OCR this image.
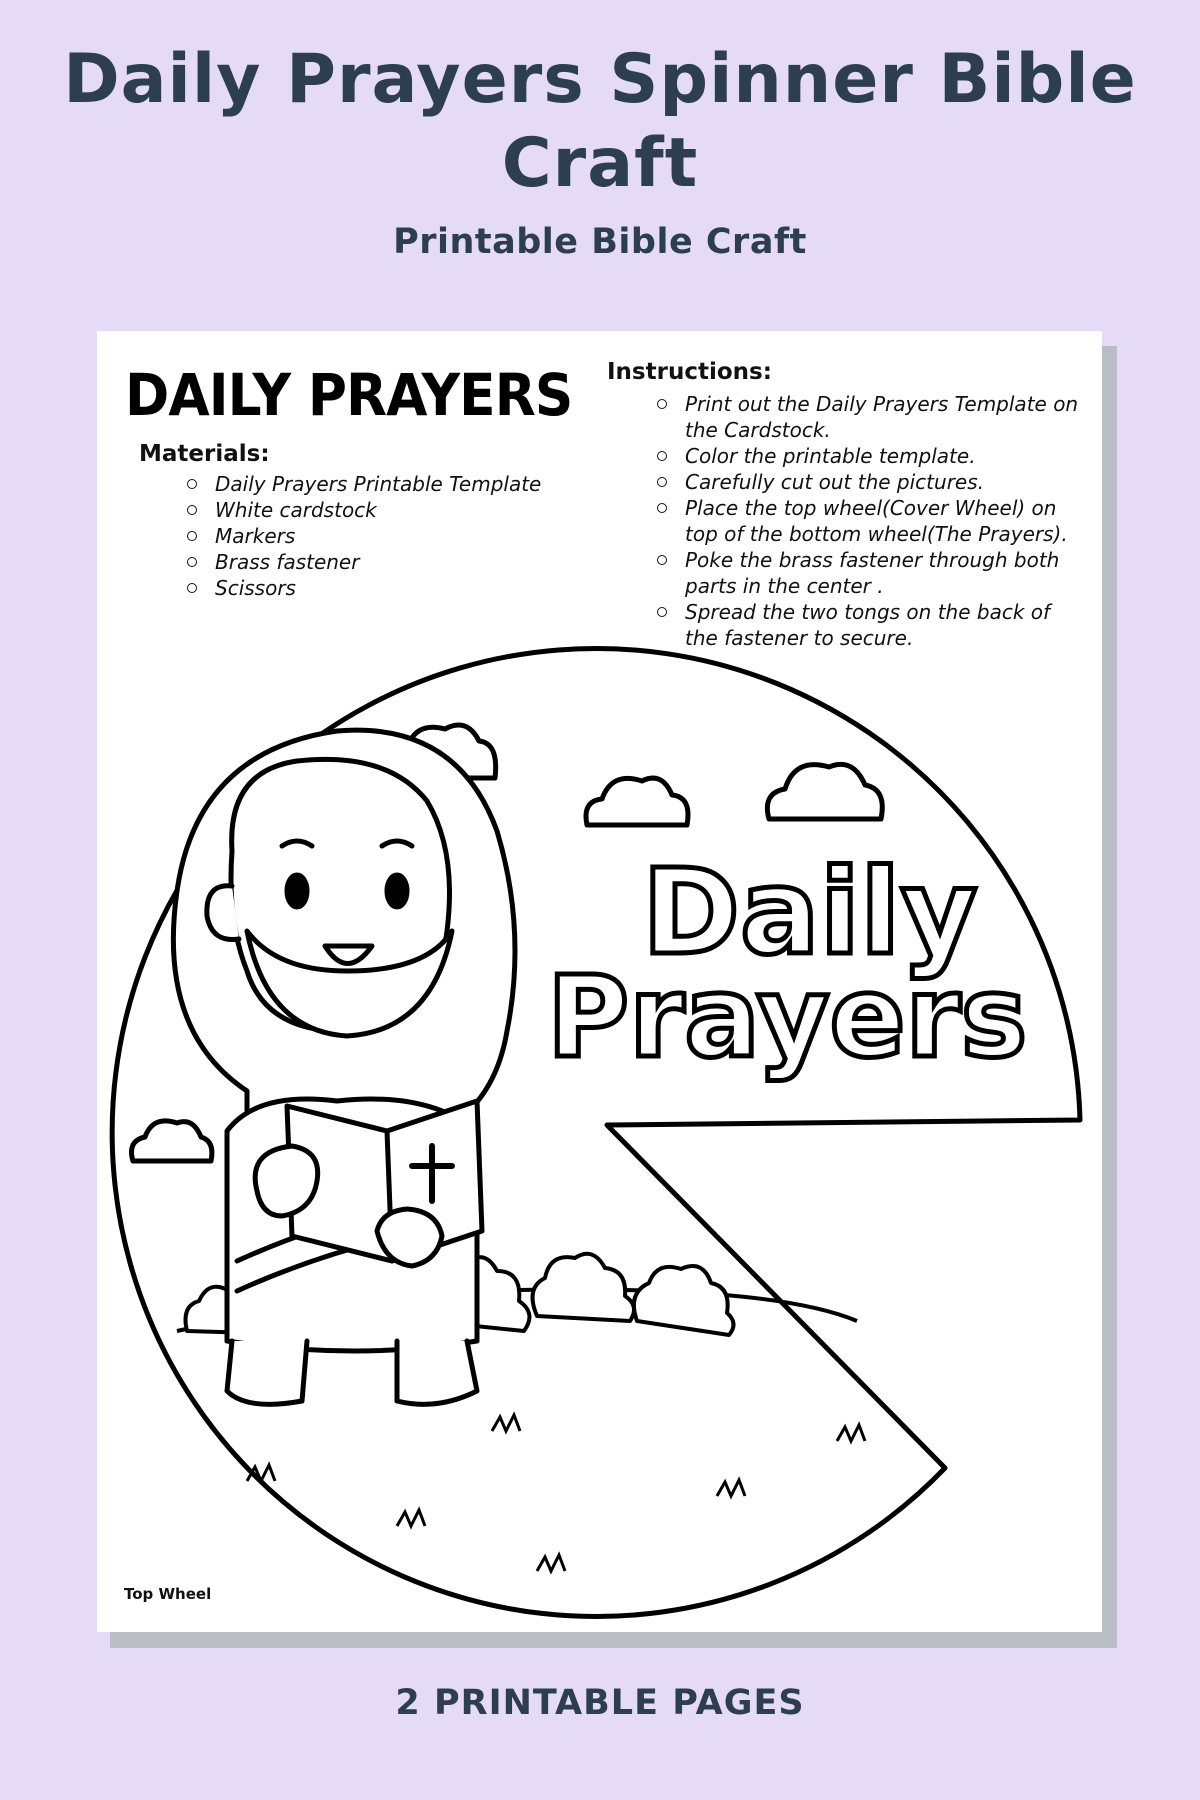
Daily Prayers Spinner Bible Craft
Printable Bible Craft
DAILY PRAYERS
Materials:
Daily Prayers Printable Template
White cardstock
Markers
Brass fastener
Scissors
Instructions:
Print out the Daily Prayers Template on the Cardstock.
Color the printable template.
Carefully cut out the pictures.
Place the top wheel(Cover Wheel) on top of the bottom wheel(The Prayers).
Poke the brass fastener through both parts in the center .
Spread the two tongs on the back of the fastener to secure.
Daily
Prayers
Top Wheel
2 PRINTABLE PAGES
